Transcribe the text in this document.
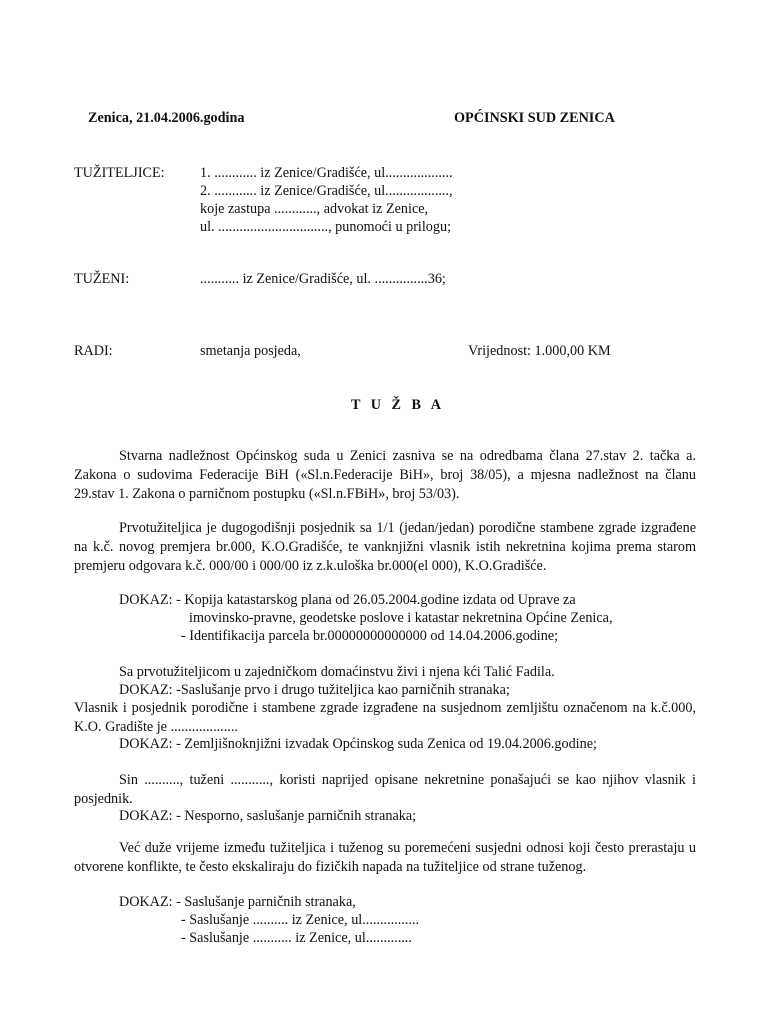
Zenica, 21.04.2006.godina	OPĆINSKI SUD ZENICA
TUŽITELJICE: 1. ............ iz Zenice/Gradišće, ul...................
2. ............ iz Zenice/Gradišće, ul..................,
koje zastupa ............, advokat iz Zenice,
ul. ..............................., punomoći u prilogu;
TUŽENI:	........... iz Zenice/Gradišće, ul. ...............36;
RADI:	smetanja posjeda,	Vrijednost: 1.000,00 KM
T U Ž B A

Stvarna nadležnost Općinskog suda u Zenici zasniva se na odredbama člana 27.stav 2. tačka a. Zakona o sudovima Federacije BiH («Sl.n.Federacije BiH», broj 38/05), a mjesna nadležnost na članu 29.stav 1. Zakona o parničnom postupku («Sl.n.FBiH», broj 53/03).

Prvotužiteljica je dugogodišnji posjednik sa 1/1 (jedan/jedan) porodične stambene zgrade izgrađene na k.č. novog premjera br.000, K.O.Gradišće, te vanknjižni vlasnik istih nekretnina kojima prema starom premjeru odgovara k.č. 000/00 i 000/00 iz z.k.uloška br.000(el 000), K.O.Gradišće.

DOKAZ: - Kopija katastarskog plana od 26.05.2004.godine izdata od Uprave za
imovinsko-pravne, geodetske poslove i katastar nekretnina Općine Zenica,
- Identifikacija parcela br.00000000000000 od 14.04.2006.godine;
Sa prvotužiteljicom u zajedničkom domaćinstvu živi i njena kći Talić Fadila.
DOKAZ: -Saslušanje prvo i drugo tužiteljica kao parničnih stranaka;

Vlasnik i posjednik porodične i stambene zgrade izgrađene na susjednom zemljištu označenom na k.č.000, K.O. Gradište je ...................

DOKAZ: - Zemljišnoknjižni izvadak Općinskog suda Zenica od 19.04.2006.godine;

Sin .........., tuženi ..........., koristi naprijed opisane nekretnine ponašajući se kao njihov vlasnik i posjednik.

DOKAZ: - Nesporno, saslušanje parničnih stranaka;

Već duže vrijeme između tužiteljica i tuženog su poremećeni susjedni odnosi koji često prerastaju u otvorene konflikte, te često ekskaliraju do fizičkih napada na tužiteljice od strane tuženog.

DOKAZ: - Saslušanje parničnih stranaka,
- Saslušanje .......... iz Zenice, ul................
- Saslušanje ........... iz Zenice, ul.............
